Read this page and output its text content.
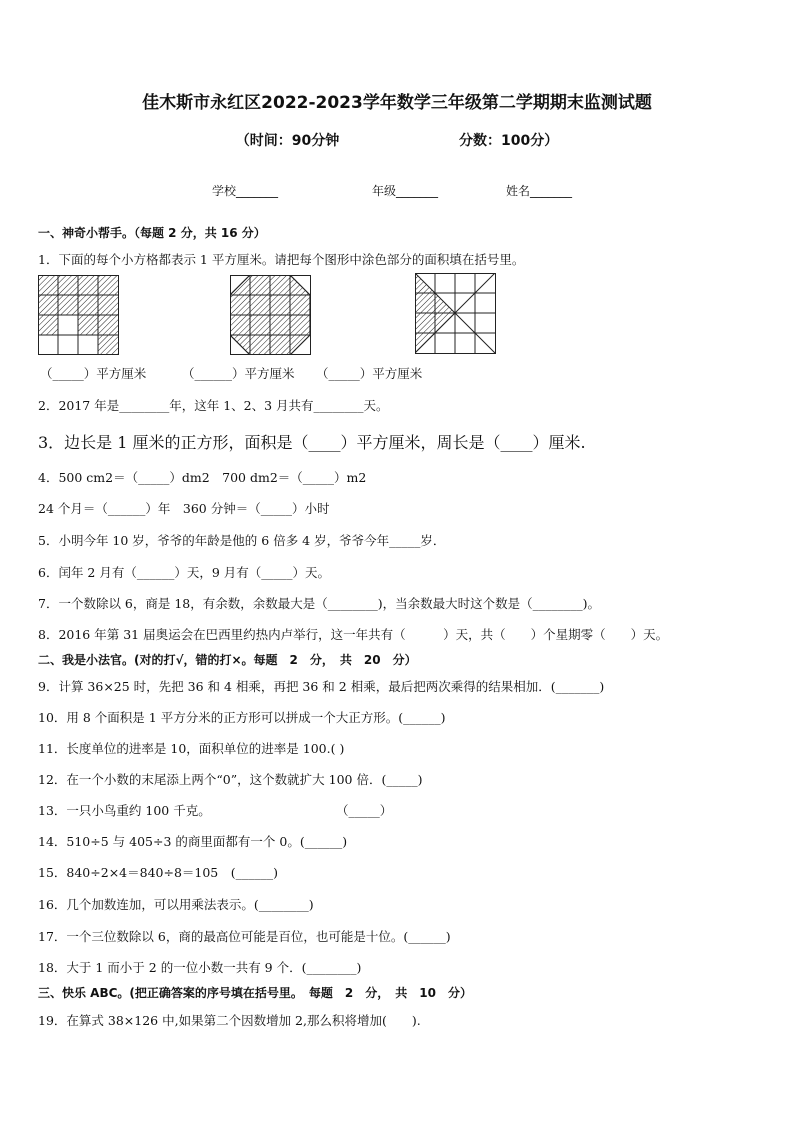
佳木斯市永红区2022-2023学年数学三年级第二学期期末监测试题
（时间：90分钟	分数：100分）
学校_______	年级_______	姓名_______
一、神奇小帮手。（每题 2 分，共 16 分）
1．下面的每个小方格都表示 1 平方厘米。请把每个图形中涂色部分的面积填在括号里。
（_____）平方厘米	（______）平方厘米 （_____）平方厘米
2．2017 年是________年，这年 1、2、3 月共有________天。
3．边长是 1 厘米的正方形，面积是（____）平方厘米，周长是（____）厘米.
4．500 cm2＝（_____）dm2　700 dm2＝（_____）m2
24 个月＝（______）年　360 分钟＝（_____）小时
5．小明今年 10 岁，爷爷的年龄是他的 6 倍多 4 岁，爷爷今年_____岁．
6．闰年 2 月有（______）天，9 月有（_____）天。
7．一个数除以 6，商是 18，有余数，余数最大是（________)，当余数最大时这个数是（________)。
8．2016 年第 31 届奥运会在巴西里约热内卢举行，这一年共有（　　　）天，共（　　）个星期零（　　）天。
二、我是小法官。(对的打√，错的打×。每题　2　分，　共　20　分）
9．计算 36×25 时，先把 36 和 4 相乘，再把 36 和 2 相乘，最后把两次乘得的结果相加．(_______)
10．用 8 个面积是 1 平方分米的正方形可以拼成一个大正方形。(______)
11．长度单位的进率是 10，面积单位的进率是 100.( )
12．在一个小数的末尾添上两个“0”，这个数就扩大 100 倍．(_____)
13．一只小鸟重约 100 千克。	（_____）
14．510÷5 与 405÷3 的商里面都有一个 0。(______)
15．840÷2×4＝840÷8＝105　(______)
16．几个加数连加，可以用乘法表示。(________)
17．一个三位数除以 6，商的最高位可能是百位，也可能是十位。(______)
18．大于 1 而小于 2 的一位小数一共有 9 个．(________)
三、快乐 ABC。(把正确答案的序号填在括号里。　每题　2　分，　共　10　分）
19．在算式 38×126 中,如果第二个因数增加 2,那么积将增加(　　).
